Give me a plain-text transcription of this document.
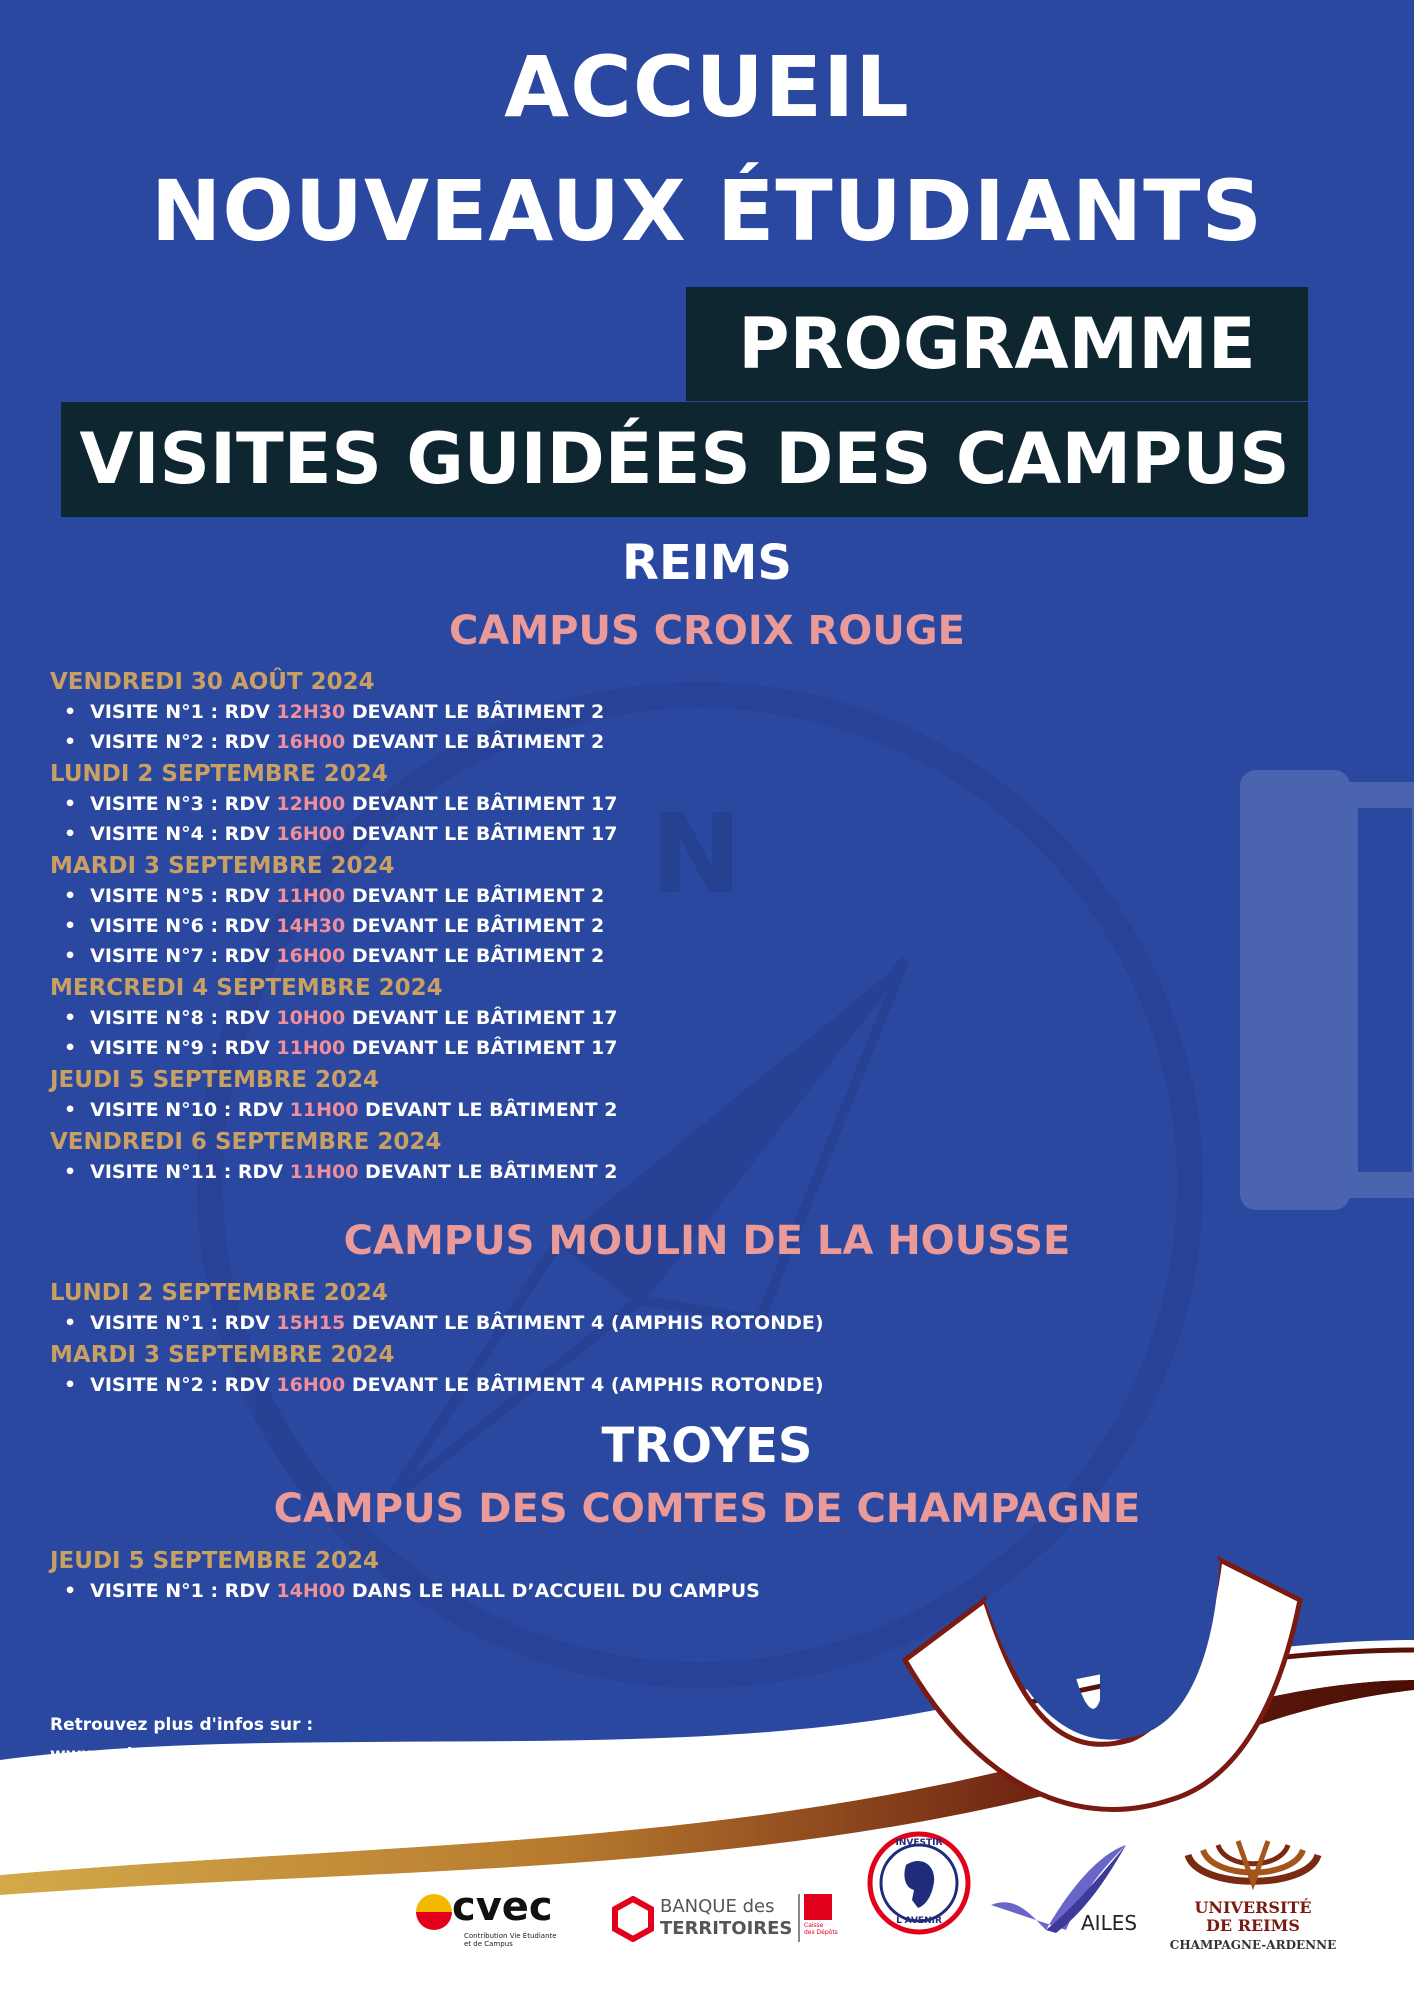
ACCUEIL
NOUVEAUX ÉTUDIANTS
PROGRAMME
VISITES GUIDÉES DES CAMPUS
N
REIMS
CAMPUS CROIX ROUGE
VENDREDI 30 AOÛT 2024
• VISITE N°1 : RDV 12H30 DEVANT LE BÂTIMENT 2
• VISITE N°2 : RDV 16H00 DEVANT LE BÂTIMENT 2
LUNDI 2 SEPTEMBRE 2024
• VISITE N°3 : RDV 12H00 DEVANT LE BÂTIMENT 17
• VISITE N°4 : RDV 16H00 DEVANT LE BÂTIMENT 17
MARDI 3 SEPTEMBRE 2024
• VISITE N°5 : RDV 11H00 DEVANT LE BÂTIMENT 2
• VISITE N°6 : RDV 14H30 DEVANT LE BÂTIMENT 2
• VISITE N°7 : RDV 16H00 DEVANT LE BÂTIMENT 2
MERCREDI 4 SEPTEMBRE 2024
• VISITE N°8 : RDV 10H00 DEVANT LE BÂTIMENT 17
• VISITE N°9 : RDV 11H00 DEVANT LE BÂTIMENT 17
JEUDI 5 SEPTEMBRE 2024
• VISITE N°10 : RDV 11H00 DEVANT LE BÂTIMENT 2
VENDREDI 6 SEPTEMBRE 2024
• VISITE N°11 : RDV 11H00 DEVANT LE BÂTIMENT 2
CAMPUS MOULIN DE LA HOUSSE
LUNDI 2 SEPTEMBRE 2024
• VISITE N°1 : RDV 15H15 DEVANT LE BÂTIMENT 4 (AMPHIS ROTONDE)
MARDI 3 SEPTEMBRE 2024
• VISITE N°2 : RDV 16H00 DEVANT LE BÂTIMENT 4 (AMPHIS ROTONDE)
TROYES
CAMPUS DES COMTES DE CHAMPAGNE
JEUDI 5 SEPTEMBRE 2024
• VISITE N°1 : RDV 14H00 DANS LE HALL D’ACCUEIL DU CAMPUS
Retrouvez plus d'infos sur :
www.univ-reims.fr/kit-de-rentree
cvec
Contribution Vie Étudiante
et de Campus
BANQUE des
TERRITOIRES Caisse
des Dépôts
INVESTIR
L'AVENIR	AILES
UNIVERSITÉ
DE REIMS
CHAMPAGNE-ARDENNE
